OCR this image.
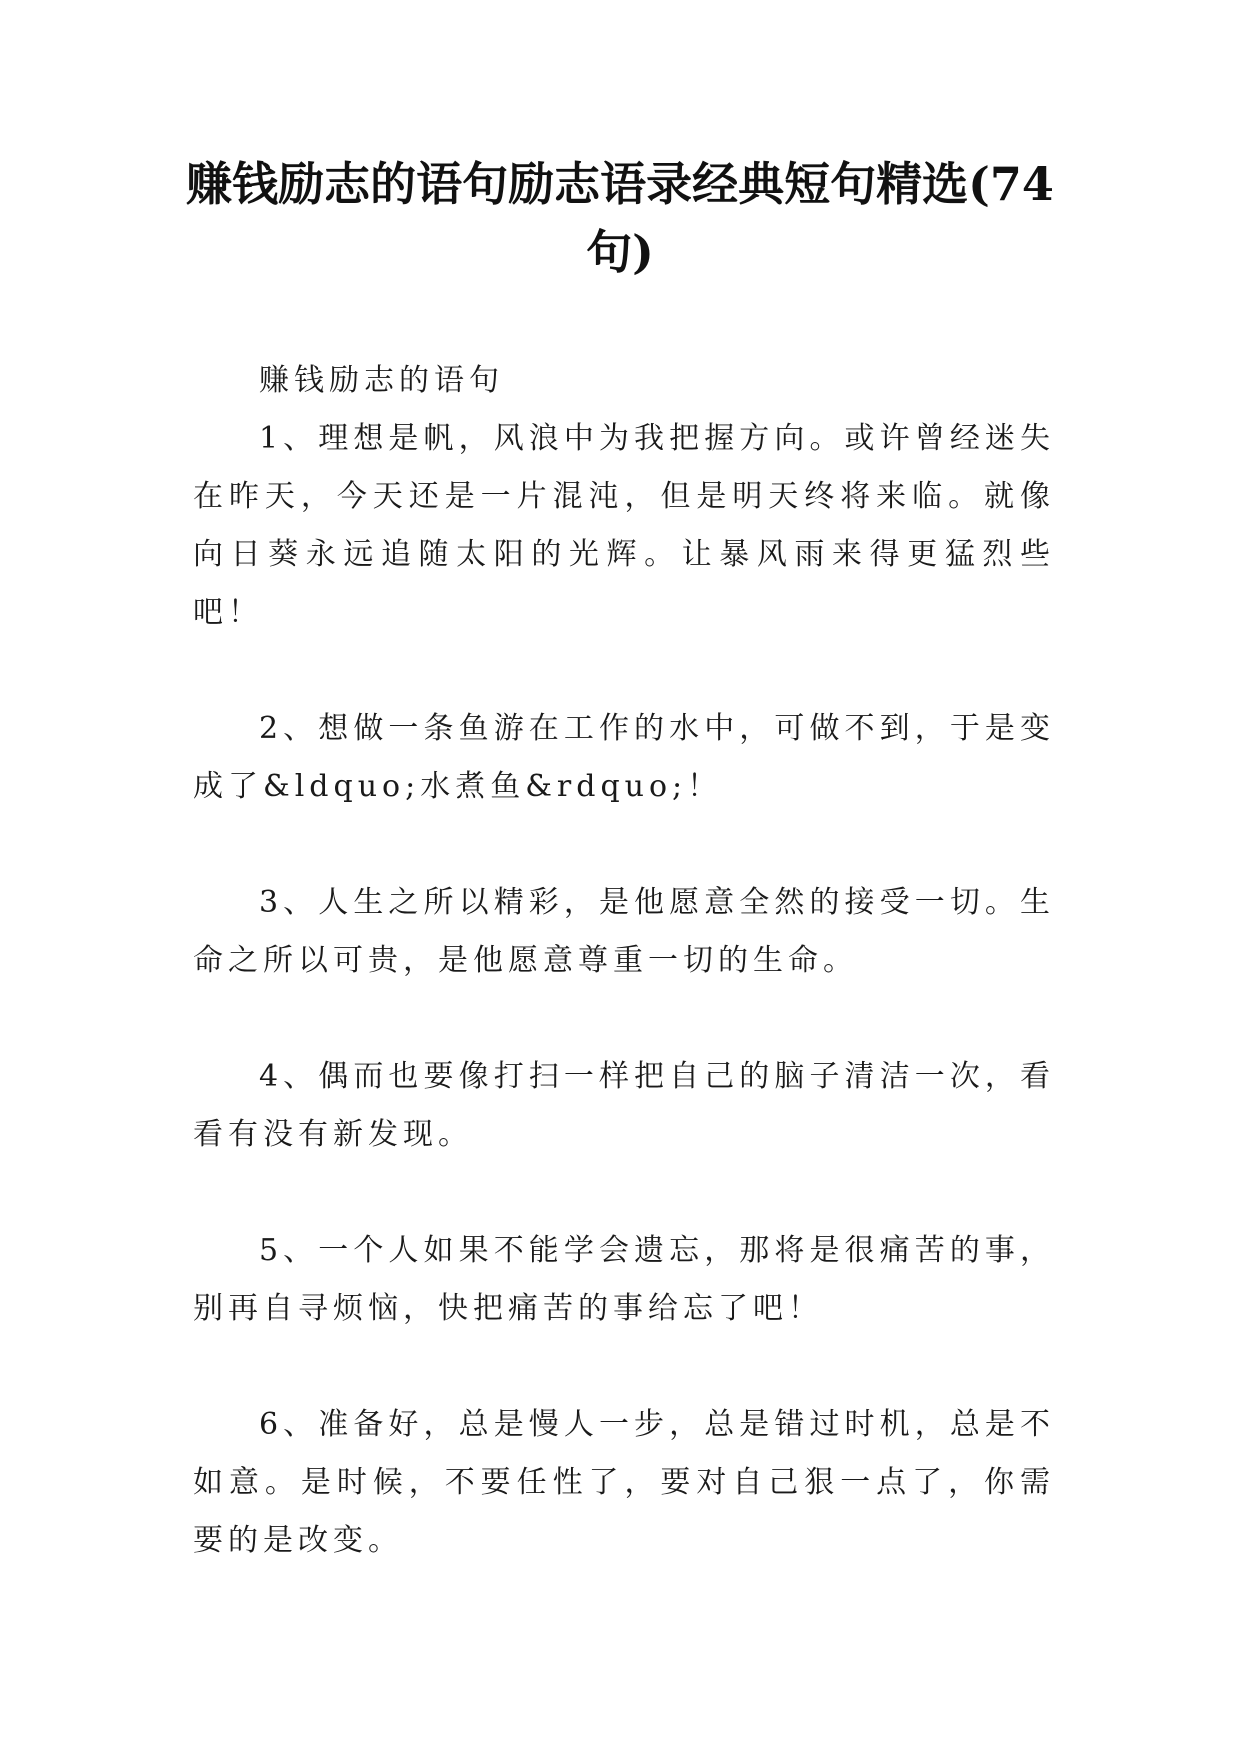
赚钱励志的语句励志语录经典短句精选(74句)

赚钱励志的语句

1、理想是帆，风浪中为我把握方向。或许曾经迷失在昨天，今天还是一片混沌，但是明天终将来临。就像向日葵永远追随太阳的光辉。让暴风雨来得更猛烈些吧！

2、想做一条鱼游在工作的水中，可做不到，于是变成了&ldquo;水煮鱼&rdquo;！

3、人生之所以精彩，是他愿意全然的接受一切。生命之所以可贵，是他愿意尊重一切的生命。

4、偶而也要像打扫一样把自己的脑子清洁一次，看看有没有新发现。

5、一个人如果不能学会遗忘，那将是很痛苦的事，别再自寻烦恼，快把痛苦的事给忘了吧！

6、准备好，总是慢人一步，总是错过时机，总是不如意。是时候，不要任性了，要对自己狠一点了，你需要的是改变。
